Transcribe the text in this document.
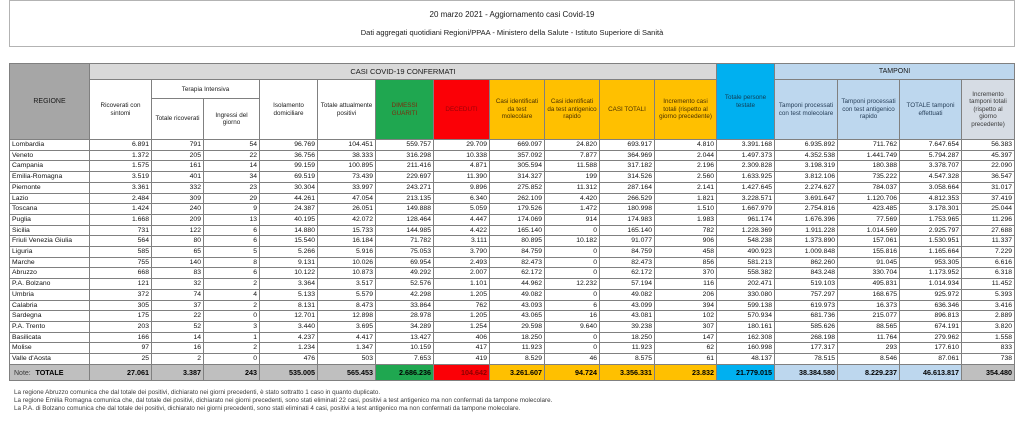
20 marzo 2021 - Aggiornamento casi Covid-19
Dati aggregati quotidiani Regioni/PPAA - Ministero della Salute - Istituto Superiore di Sanità
REGIONE	CASI COVID-19 CONFERMATI											Totale persone testate	TAMPONI			
	Ricoverati con sintomi	Terapia Intensiva		Isolamento domiciliare	Totale attualmente positivi	DIMESSI GUARITI	DECEDUTI	Casi identificati da test molecolare	Casi identificati da test antigenico rapido	CASI TOTALI	Incremento casi totali (rispetto al giorno precedente)		Tamponi processati con test molecolare	Tamponi processati con test antigenico rapido	TOTALE tamponi effettuati	Incremento tamponi totali (rispetto al giorno precedente)
		Totale ricoverati	Ingressi del giorno													
Lombardia	6.891	791	54	96.769	104.451	559.757	29.709	669.097	24.820	693.917	4.810	3.391.168	6.935.892	711.762	7.647.654	56.383
Veneto	1.372	205	22	36.756	38.333	316.298	10.338	357.092	7.877	364.969	2.044	1.497.373	4.352.538	1.441.749	5.794.287	45.397
Campania	1.575	161	14	99.159	100.895	211.416	4.871	305.594	11.588	317.182	2.196	2.309.828	3.198.319	180.388	3.378.707	22.090
Emilia-Romagna	3.519	401	34	69.519	73.439	229.697	11.390	314.327	199	314.526	2.560	1.633.925	3.812.106	735.222	4.547.328	36.547
Piemonte	3.361	332	23	30.304	33.997	243.271	9.896	275.852	11.312	287.164	2.141	1.427.645	2.274.627	784.037	3.058.664	31.017
Lazio	2.484	309	29	44.261	47.054	213.135	6.340	262.109	4.420	266.529	1.821	3.228.571	3.691.647	1.120.706	4.812.353	37.419
Toscana	1.424	240	9	24.387	26.051	149.888	5.059	179.526	1.472	180.998	1.510	1.667.979	2.754.816	423.485	3.178.301	25.044
Puglia	1.668	209	13	40.195	42.072	128.464	4.447	174.069	914	174.983	1.983	961.174	1.676.396	77.569	1.753.965	11.296
Sicilia	731	122	6	14.880	15.733	144.985	4.422	165.140	0	165.140	782	1.228.369	1.911.228	1.014.569	2.925.797	27.688
Friuli Venezia Giulia	564	80	6	15.540	16.184	71.782	3.111	80.895	10.182	91.077	906	548.238	1.373.890	157.061	1.530.951	11.337
Liguria	585	65	5	5.266	5.916	75.053	3.790	84.759	0	84.759	458	490.923	1.009.848	155.816	1.165.664	7.229
Marche	755	140	8	9.131	10.026	69.954	2.493	82.473	0	82.473	856	581.213	862.260	91.045	953.305	6.616
Abruzzo	668	83	6	10.122	10.873	49.292	2.007	62.172	0	62.172	370	558.382	843.248	330.704	1.173.952	6.318
P.A. Bolzano	121	32	2	3.364	3.517	52.576	1.101	44.962	12.232	57.194	116	202.471	519.103	495.831	1.014.934	11.452
Umbria	372	74	4	5.133	5.579	42.298	1.205	49.082	0	49.082	206	330.080	757.297	168.675	925.972	5.393
Calabria	305	37	2	8.131	8.473	33.864	762	43.093	6	43.099	394	599.138	619.973	16.373	636.346	3.416
Sardegna	175	22	0	12.701	12.898	28.978	1.205	43.065	16	43.081	102	570.934	681.736	215.077	896.813	2.889
P.A. Trento	203	52	3	3.440	3.695	34.289	1.254	29.598	9.640	39.238	307	180.161	585.626	88.565	674.191	3.820
Basilicata	166	14	1	4.237	4.417	13.427	406	18.250	0	18.250	147	162.308	268.198	11.764	279.962	1.558
Molise	97	16	2	1.234	1.347	10.159	417	11.923	0	11.923	62	160.998	177.317	293	177.610	833
Valle d'Aosta	25	2	0	476	503	7.653	419	8.529	46	8.575	61	48.137	78.515	8.546	87.061	738
TOTALE	27.061	3.387	243	535.005	565.453	2.686.236	104.642	3.261.607	94.724	3.356.331	23.832	21.779.015	38.384.580	8.229.237	46.613.817	354.480
Note:
La regione Abruzzo comunica che dal totale dei positivi, dichiarato nei giorni precedenti, è stato sottratto 1 caso in quanto duplicato.
La regione Emilia Romagna comunica che, dal totale dei positivi, dichiarato nei giorni precedenti, sono stati eliminati 22 casi, positivi a test antigenico ma non confermati da tampone molecolare.
La P.A. di Bolzano comunica che dal totale dei positivi, dichiarato nei giorni precedenti, sono stati eliminati 4 casi, positivi a test antigenico ma non confermati da tampone molecolare.
